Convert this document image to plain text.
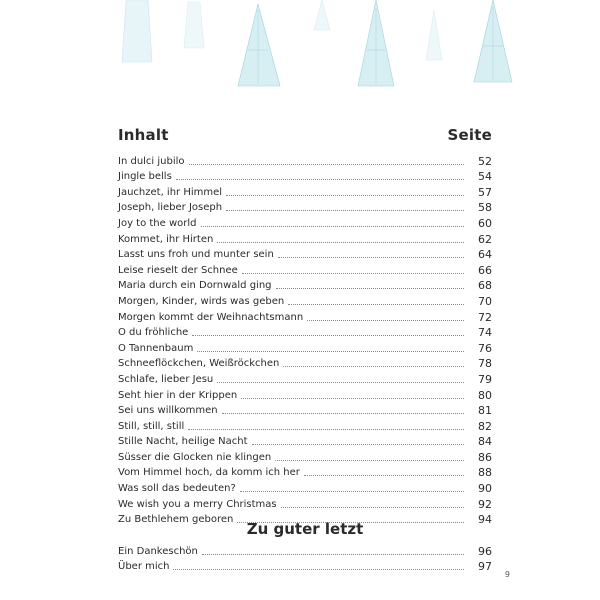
Inhalt	Seite
In dulci jubilo	52
Jingle bells	54
Jauchzet, ihr Himmel	57
Joseph, lieber Joseph	58
Joy to the world	60
Kommet, ihr Hirten	62
Lasst uns froh und munter sein	64
Leise rieselt der Schnee	66
Maria durch ein Dornwald ging	68
Morgen, Kinder, wirds was geben	70
Morgen kommt der Weihnachtsmann	72
O du fröhliche	74
O Tannenbaum	76
Schneeflöckchen, Weißröckchen	78
Schlafe, lieber Jesu	79
Seht hier in der Krippen	80
Sei uns willkommen	81
Still, still, still	82
Stille Nacht, heilige Nacht	84
Süsser die Glocken nie klingen	86
Vom Himmel hoch, da komm ich her	88
Was soll das bedeuten?	90
We wish you a merry Christmas	92
Zu Bethlehem geboren	94
Zu guter letzt
Ein Dankeschön	96
Über mich	97
9
